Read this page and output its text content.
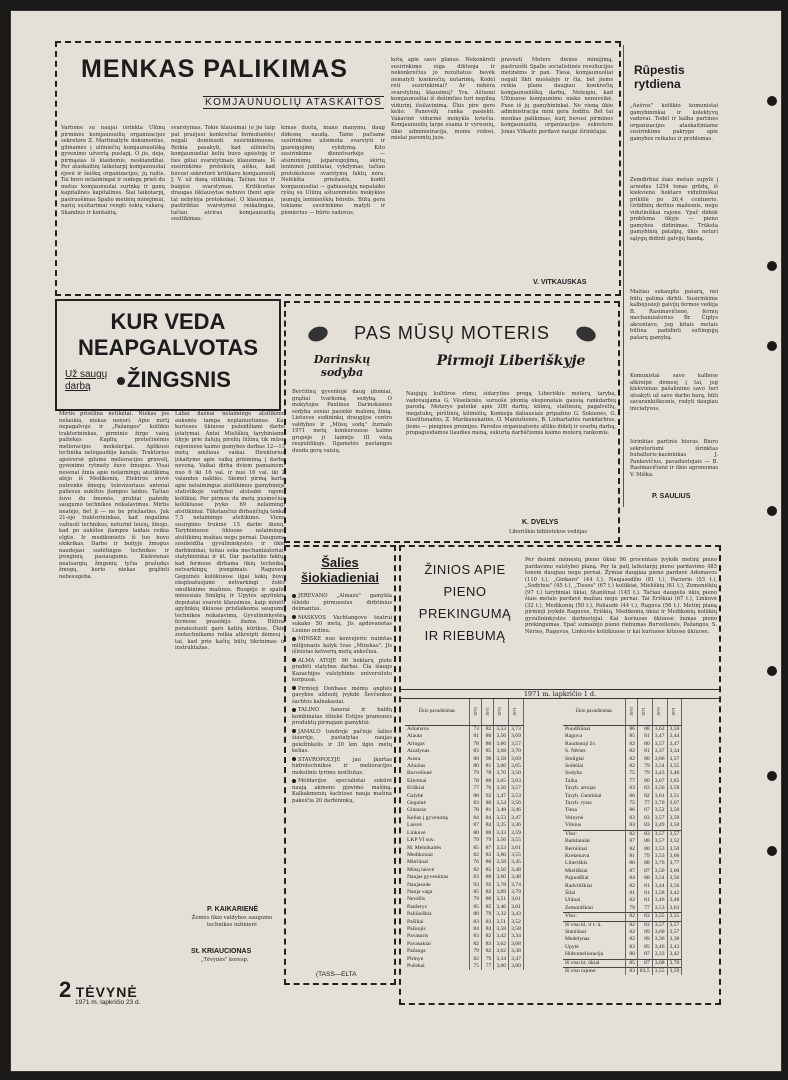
MENKAS PALIKIMAS
KOMJAUNUOLIŲ ATASKAITOS
Vartome su naujai išrinkta Ulūnų pirminės komjaunuolių organizacijos sekretore Z. Martinaityte dokumentus, gilinamės į ulūniečių komjaunuolišką gyvenimo užvertą puslapį. O jis, deja, pirmąsias iš kiaidomis, neskiandžiai. Per ataskaitinį laikotarpį komjaunuolai ėjovė ir šeiškų organizacijos, jų raitis. Tai buvo nelaimingai ir sudegę prieš du metus komjaunuolai surinkę ir ganų kapitalinės kapitalines. Šiai laikotarpį, pasiruošimas Spalio metinių minėjimui, narių susitarimai rengti šokių vakarą. Skambus ir kontaktų.
svarstymas. Tokie klausimai (o jie taip pat praėjusi konkrečiai formuluotės) negali dominuoti susirinkimuose. Reikia pasakyti, kad ulūniečių komjaunuoliai keliu buvo apsistoję ir ties giliai svarstytinais klausimais. Iš susirinkimo protokolų aišku, kad buvusi sekretorė kritikavo komjaunuolį J. V. už daną stikliuką. Tačiau tuo ir baigėsi svarstymas. Kritikuotas draugas išklausytas nebuvo (bent apie tai nebyloja protokolas). O klausimas, pastiriktas svarstymui reikalingas, tačiau atviras komjaunuolių susitikimas.
kimas duotų, mano manymu, daug didesnę naudą. Tame pačiame susirinkime užsimota svarstyti ir įpareigojimų vykdymą. Kito susirinkimo dienotvarkėje — atsiminimų įsipareigojimų, skirtų lenininei jubiliatai, vykdymas, tačiau protokoluose svarstymų faktų nėra. Nelėkšta priežastis, kodėl komjaunuoliai — gabiausiųjų nepalaiko ryšių su Ulūnų aštuonmetės mokyklos jaunųjų leninieiškių būrelis. Būtų gera tokiame susirinkime matyti ir pionierius — būrio vadovus.
kotų apie savo planus. Nekonkreti susirinkimo eiga diktuoja ir nekonkrečius jo rezultatus: bevėk nematyti konkrečių nutarimų. Kodėl reti susirinkimai? Ar nebėra svarstytinų klausimų? Yra. Aštuoni komjaunuoliai iš dešimties turi nepilną vidurinį išsilavinimą. Ūkis pire gero kelio: Panevėžį ranka pasiekti. Vakarinė vidurinė mokykla kviečia. Komjaunuolių tarpe esama ir vyresnių, ūkio administracija, mums rodosi, mielai paremtų juos.
pravesti Moters dienos minėjimą, pastruošti Spalio socialistinės revoliucijos metinėms ir pan. Tiesa, komjaunuoliai negali likti nuošalyje ir čia, bet jiems reikia plane daugiau konkrečių komjaunuoliškų darbų. Neteigiu, kad Ulūnuose komjaunimo nieko nenuveikė. Puse iš jų gamybininkai. Ne vieną ūkio administracija mini gera žodžiu. Bet tai menkas palikimas, kurį buvusi pirmines komjaunuolių organizacijos sekretore Jonas Vilkaitė perdavė naujai išrinktajai.
V. VITKAUSKAS
Rūpestis
rytdiena
„Aušros" kolūkio komunistai gamybininkai ir kolektyvų vadovai. Todėl ir kalba partines organizacijos ataskaitiniame susirinkime pakrypo apie gamybos reikalus ir problemas.
Žemdirbiai šiais metais supylė į aruodus 1254 tonas grūdų, iš kiekvieno hektaro vidutiniškai prikūlė po 26,4 centnerio. Grūdinių derlius mažesnis, negu vidutiniškai rajone. Ypač didelė problema ūkyje — pieno gamybos didinimas. Trūksta gamybinių patalpų, ūkis neturi sąlygų didinti galvijų bandą.
Mažiau sukaupta pašarų, nei būtų galima dirbti. Susirinkime kalbėjusieji galvijų fermos vedėja B. Rasimavičienė, fermų mechanizatorius Br. Čiplys akcentavo, jog kitais metais būtina padidinti sultingųjų pašarų gamybą.
Komunistai savo kalbose atkreipė dėmesį į tai, jog kiekvienas pašalinimo savo turi atsakyti už savo darbo barą, būti savarankiškesnis, rodyti daugiau iniciatyvos.
Išrinktas partinis biuras. Biuro sekretoriumi išrinktas buhalteris-kasininkas J. Pankevičius, pavaduotojais — B. Rasimavičienė ir ūkio agronomas V. Miška.
P. SAULIUS
KUR VEDA
NEAPGALVOTAS
Už saugų darbą	ŽINGSNIS
Mirtis prisėlina netikėtai. Niekas jos nelaukia, niekas nenori. Apie mirtį nepagalvojo ir „Pažangos" kolūkio traktorininkas, pirminio žirgo vairą pažiekęs Kaplių protečinėmis melioracijos mokslerijai. Aplikuso technika nelėgaudėje kanale. Traktorius apsiversė gilume melioracijos griovelį, gyvenimo rytmety žuvo žmogus. Visai nesenai žinia apie nelaimingų atsitikimą atėjo iš Medikonių. Elektros srovė nutrenkė žmogų: televizoriaus antenai paliesus aukštos įtampos laidus. Tačiau žuvo du žmonės, grubiai pažeidę saugumo technikos reikalavimus. Mirtis neatėjo, bet ji — ne be priežasties. Juk 21-ojo traktorininkas, kad negalima važiuoti technikos, neturint teisių, žinojo, kad po aukštos įtampos laidais reikia elgtis. Ir medikonietis iš tuo buvo ekikrikas. Darbe ir buityje žmogus naudojasi sudėtingos technikos ir įrenginių pasiaugumu. Kiekvienas neatsargių žingsnių tyčia pražudęs žmogų, kurio niekas grąžinti nebesugeba.
Labai dažnai nelaimingo atsitikimo auksmis tampa neplanuotumas. Kai kurioses ūkiuose pažeidžiami darbo įstatymai. Antai Mieliškių tarybiniame ūkyje prie žalujų pirelių lūžinų tik mūsų rajoninėse kaimo gamybos darbas 12—13 metų amžiaus vaikai. Direktorius įskaitymo apie vaikų priėmimą į darbą neveną. Vaikai dirba dviem pamainom: nuo 6 iki 16 val. ir nuo 16 val. iki 2 valandos naktiės. Siemet pirmą kartą apie nelaimingus atsitikimus gamybinėje statistikoje vaidybai atsisakė rajono kolūkiai. Per pirmus du metų pusmečius kolūkiuose įvyko 69 nelaimingi atsitikimai. Tūkstančiui dirbančiųjų tenka 7,5 nelaimingo atsitikimo. Vieno susirgimo trukmė 15 darbo dienų. Tarybiniuose ūkiuose nelaimingų atsitikimų mažiau negu pernai. Dauguma susižeidžia gyvulininkystės ir ūkio darbininkai, toliau seka mechanizatoriai, statybininkai ir kt. Dar pastatiko faktų, kad fermose dirbama ūkių technikai netvarkingų įrengimais. Raguvos, Geguinės kolūkiuose ilgai laikų buvo eksploatuojami netvarkingi žolės smulkinimo mašinos. Ruogėjo ir spalio mėnesiais Smilgių ir Upytės apylinkių deputatai svarstė klausimus, kaip minėti apylinkių ūkiuose prisilaikoma saugumo technikos reikalavimų. Gyvulininkystės fermose prasidėjo žiema. Būtina peratestuoti garo katilų kūrikus. Ūkių zootechnikams reikia atkreipti dėmesį į tai, kad prie kačių būtų tikrinimas ir instruktažas.
P. KAIKARIENĖ
Žemės ūkio valdybos saugumo technikos inžinierė
St. KRIAUCIONAS
„Tėvynės" koresp.
PAS MŪSŲ MOTERIS
Darinskų sodyba
Berčiūnų gyventojė daug įdomiai, grąžiai tvarkomą sodybą. O mokytojos Paulinos Darinskienės sodyba seniai pasiekė malonų žinią. Lietuvos sodininkų draugijos centro valdybos ir „Mūsų sodų" žurnalo 1971 metų konkursuose kaimo grupėje ji laimėjo III vietą respublikoje. Ilgametės pastangos duoda gerą vaisių.
Pirmoji Liberiškyje
Naujųjų kultūros rūmų sidarytino progą Liberiškio moterų taryba, vadovaujama G. Vėselienės, suruošė įdomią eksponatais gausią rankdarbių parodą. Moterys pateikė apie 300 darbų: kilimų, staltiesių, pagalvėlių, megztukų, pirštinių, kilimėlių. Komisija daliausiais pripažino G. Šukienės, G. Kiselitunaitės, Z. Marikauskaitės, O. Maniušienės, B. Liobartaitės rankdarbius, jiems — pinigines premijos. Parodos organizatorės atliko didelį ir svarbų darbą, propaguodamos liaudies meną, sukurtą darbščiomis kaimo moterų rankomis.
K. DVELYS
Liberiškio bibliotekos vedėjas
Šalies
šiokiadieniai
JEREVANO „Almazo" gamykla išleido pirmuosius dirbtinius deimantus.
MASKVOS Vachtangovo teatrui sukako 50 metų. Jis apdovanotas Lenino ordinu.
MINSKE nuo konvejerio nuimtas milijonasis kalyk tvas „Minskas". Jis išleistas ketverių metų anksčiau.
ALMA ATOJE 90 hektarų plote pradėti statybos darbai. Čia išaugs Kazachijos valstybinio universiteto korpusai.
Pirmieji Donbase mėmu anglies gavybos užduotį įvykdė Ševčenkos šachtos kalnakasiai.
TALINO fanerai ir baldų kombinatas ištiekė Estijos pramonės produktų pirmajam gamyklui.
JAMALO tundroje pačioje šalies šiaurėje, pastatytas naujas geležinkelis ir 30 km ilgio mėtų kelias.
STAVROPOLYJE jau įkurtas hidrotechnikos ir melioracijos mokslinis tyrimo institutas.
Moldavijos specialistai sukūrė naują akmens pjovimo mašiną. Kalkakmenių šachtose nauja mašina pakeičia 20 darbininkų.
(TASS—ELTA
ŽINIOS APIE
PIENO
PREKINGUMĄ
IR RIEBUMĄ
Per dešimt mėnesių pieno ūkiai 96 procentais įvykdė metinį pieno pardavimo valstybei planą. Per ta patį laikotarpį pieno pardavimo 485 tonom daugiau negu pernai. Žymiai daugiau pieno pardavė Adomavos (110 t.), „Ginkaro" (44 t.), Naujasodžio (81 t.), Pacierio (53 t.), „Sodybos" (45 t.), „Tiesos" (67 t.) kolūkiai, Mieliškių (61 t.), Zemoniškių (97 t.) tarybiniai ūkiai, Staniūnai (145 t.). Tačiau daugelis ūkių pieno šiais metais pardavė mažiau negu pernai. Tai Eriškiai (67 t.), Linkuvė (32 t.), Medikonių (50 t.), Paliaudė (44 t.), Raguva (56 t.). Metinį planą pirmieji įvykdė Raguvos, Eriškių, Medikonių ūkiai ir Medikonių kolūkių gyvulininkystės darbuotojai. Kai kuriuose ūkiuose žemas pieno prekingumas. Ypač sumažėjo pieno riebumas Burvelionės, Pažangos, S. Nėries, Raguvos, Linkuvės kolūkiuose ir kai kuriuose kituose ūkiuose.
1971 m. lapkričio 1 d.
Ūkio pavadinimas	1970	1971	1970	1971

Adomava	73	82	3,53	3,73
Alauta	81	80	3,56	3,69
Ariogas	78	80	3,66	3,57
Aizalynas	83	85	3,68	3,70
Ausra	80	90	3,58	3,69
Ažuolas	80	81	3,66	3,65
Burvelionė	79	78	3,70	3,50
Ežerėnai	78	80	3,65	3,63
Eriškiai	77	76	3,56	3,57
Galybė	88	92	3,47	3,53
Geguinė	83	80	3,54	3,56
Gintaras	78	81	3,48	3,46
Kelias į gyvenimą	84	84	3,53	3,47
Laisvė	87	84	3,35	3,36
Linkuvė	80	80	3,33	3,59
LKP VI suv.	79	79	3,56	3,55
M. Melnikaitės	85	87	3,53	3,61
Medikoniai	82	83	3,60	3,55
Mitriūnai	76	80	3,58	3,45
Mūsų laisvė	82	85	3,56	3,48
Naujas gyvenimas	83	88	3,60	3,48
Naujasode	93	92	3,78	3,74
Nauja vaga	85	82	3,69	3,79
Nevėžis	79	80	3,51	3,61
Paežerys	85	85	3,46	3,61
Paliūniškis	80	79	3,32	3,43
Pašiliai	83	83	3,51	3,52
Pašuojis	84	84	3,58	3,58
Pavasaris	83	82	3,42	3,34
Pavasakiai	82	83	3,62	3,68
Pažanga	79	82	3,62	3,38
Pirmyn	82	79	3,34	3,47
Pučekai	75	77	3,60	3,60
Ūkio pavadinimas	1970	1971	1970	1971

Puodžiūnai	86	88	3,62	3,59
Raguva	85	81	3,47	3,44
Raudonoji žv.	82	80	3,57	3,47
S. Nėries	82	81	3,37	3,34
Smilgiai	82	80	3,66	3,57
Sodeliai	82	79	3,54	3,55
Sodyba	75	79	3,43	3,46
Taika	77	80	3,67	3,65
Taryb. artojas	83	83	3,56	3,59
Taryb. Gentiniai	86	82	3,61	3,51
Taryb. rytas	75	77	3,70	3,67
Tiesa	86	87	3,52	3,50
Velnynė	83	83	3,57	3,59
Vilnius	83	83	3,49	3,50
Viso:	82	83	3,57	3,57
Barklainiai	87	88	3,57	3,52
Berniūnai	82	80	3,53	3,50
Krekenava	81	79	3,53	3,66
Liberiškis	86	88	3,76	3,77
Mieliškiai	87	87	3,50	3,60
Pajuodžiai	84	88	3,54	3,50
Radviliškiai	82	81	3,44	3,56
Šilai	81	81	3,58	3,42
Ulūnai	82	81	3,46	3,48
Zemoniškiai	79	77	3,53	3,63
Viso:	82	83	3,55	3,55
Iš viso kl. ir t. ū.	82	83	3,57	3,57
Staniūnai	82	89	3,60	3,57
Medelynas	82	89	3,36	3,38
Upytė	83	85	3,46	3,43
Hidromelioracija	80	87	3,33	3,42
Iš viso kt. ūkiai	85	87	3,68	3,70
Iš viso rajone:	83	83,5	3,55	3,59
2 TĖVYNĖ
1971 m. lapkričio 23 d.
